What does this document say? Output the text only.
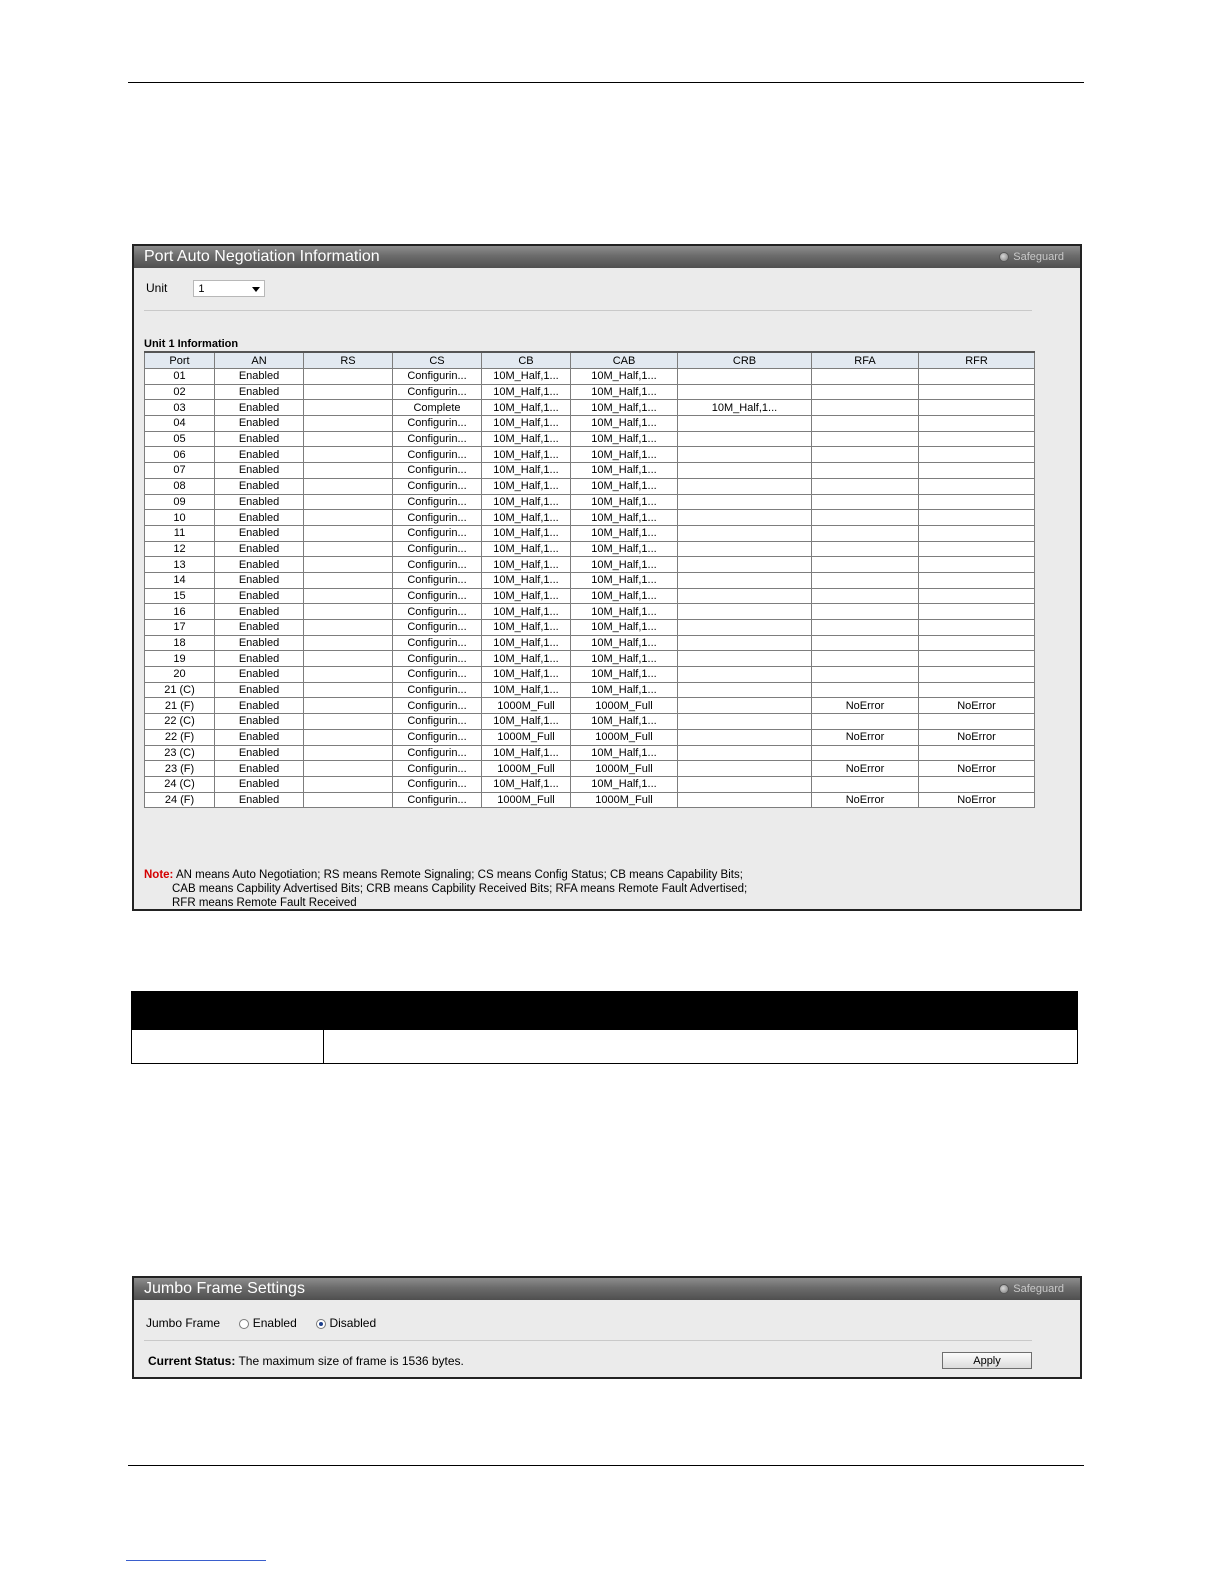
Port Auto Negotiation Information	Safeguard
Unit	1
Unit 1 Information
Port	AN	RS	CS	CB	CAB	CRB	RFA	RFR
01	Enabled		Configurin...	10M_Half,1...	10M_Half,1...			
02	Enabled		Configurin...	10M_Half,1...	10M_Half,1...			
03	Enabled		Complete	10M_Half,1...	10M_Half,1...	10M_Half,1...		
04	Enabled		Configurin...	10M_Half,1...	10M_Half,1...			
05	Enabled		Configurin...	10M_Half,1...	10M_Half,1...			
06	Enabled		Configurin...	10M_Half,1...	10M_Half,1...			
07	Enabled		Configurin...	10M_Half,1...	10M_Half,1...			
08	Enabled		Configurin...	10M_Half,1...	10M_Half,1...			
09	Enabled		Configurin...	10M_Half,1...	10M_Half,1...			
10	Enabled		Configurin...	10M_Half,1...	10M_Half,1...			
11	Enabled		Configurin...	10M_Half,1...	10M_Half,1...			
12	Enabled		Configurin...	10M_Half,1...	10M_Half,1...			
13	Enabled		Configurin...	10M_Half,1...	10M_Half,1...			
14	Enabled		Configurin...	10M_Half,1...	10M_Half,1...			
15	Enabled		Configurin...	10M_Half,1...	10M_Half,1...			
16	Enabled		Configurin...	10M_Half,1...	10M_Half,1...			
17	Enabled		Configurin...	10M_Half,1...	10M_Half,1...			
18	Enabled		Configurin...	10M_Half,1...	10M_Half,1...			
19	Enabled		Configurin...	10M_Half,1...	10M_Half,1...			
20	Enabled		Configurin...	10M_Half,1...	10M_Half,1...			
21 (C)	Enabled		Configurin...	10M_Half,1...	10M_Half,1...			
21 (F)	Enabled		Configurin...	1000M_Full	1000M_Full		NoError	NoError
22 (C)	Enabled		Configurin...	10M_Half,1...	10M_Half,1...			
22 (F)	Enabled		Configurin...	1000M_Full	1000M_Full		NoError	NoError
23 (C)	Enabled		Configurin...	10M_Half,1...	10M_Half,1...			
23 (F)	Enabled		Configurin...	1000M_Full	1000M_Full		NoError	NoError
24 (C)	Enabled		Configurin...	10M_Half,1...	10M_Half,1...			
24 (F)	Enabled		Configurin...	1000M_Full	1000M_Full		NoError	NoError
Note: AN means Auto Negotiation; RS means Remote Signaling; CS means Config Status; CB means Capability Bits;
CAB means Capbility Advertised Bits; CRB means Capbility Received Bits; RFA means Remote Fault Advertised;
RFR means Remote Fault Received
Jumbo Frame Settings	Safeguard
Jumbo Frame	Enabled	Disabled
Current Status: The maximum size of frame is 1536 bytes.	Apply
